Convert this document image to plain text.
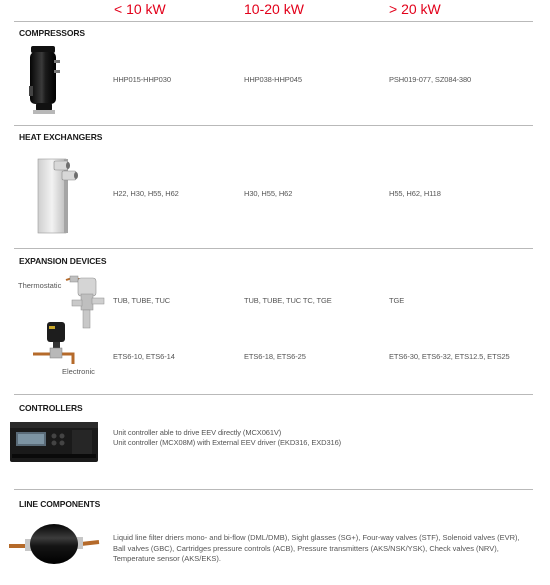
< 10 kW	10-20 kW	> 20 kW
COMPRESSORS
HHP015-HHP030	HHP038-HHP045	PSH019-077, SZ084-380
HEAT EXCHANGERS
H22, H30, H55, H62	H30, H55, H62	H55, H62, H118
EXPANSION DEVICES
Thermostatic
TUB, TUBE, TUC	TUB, TUBE, TUC TC, TGE	TGE
Electronic
ETS6-10, ETS6-14	ETS6-18, ETS6-25	ETS6-30, ETS6-32, ETS12.5, ETS25
CONTROLLERS
Unit controller able to drive EEV directly (MCX061V)
Unit controller (MCX08M) with External EEV driver (EKD316, EXD316)
LINE COMPONENTS
Liquid line filter driers mono- and bi-flow (DML/DMB), Sight glasses (SG+), Four-way valves (STF), Solenoid valves (EVR), Ball valves (GBC), Cartridges pressure controls (ACB), Pressure transmitters (AKS/NSK/YSK), Check valves (NRV), Temperature sensor (AKS/EKS).
